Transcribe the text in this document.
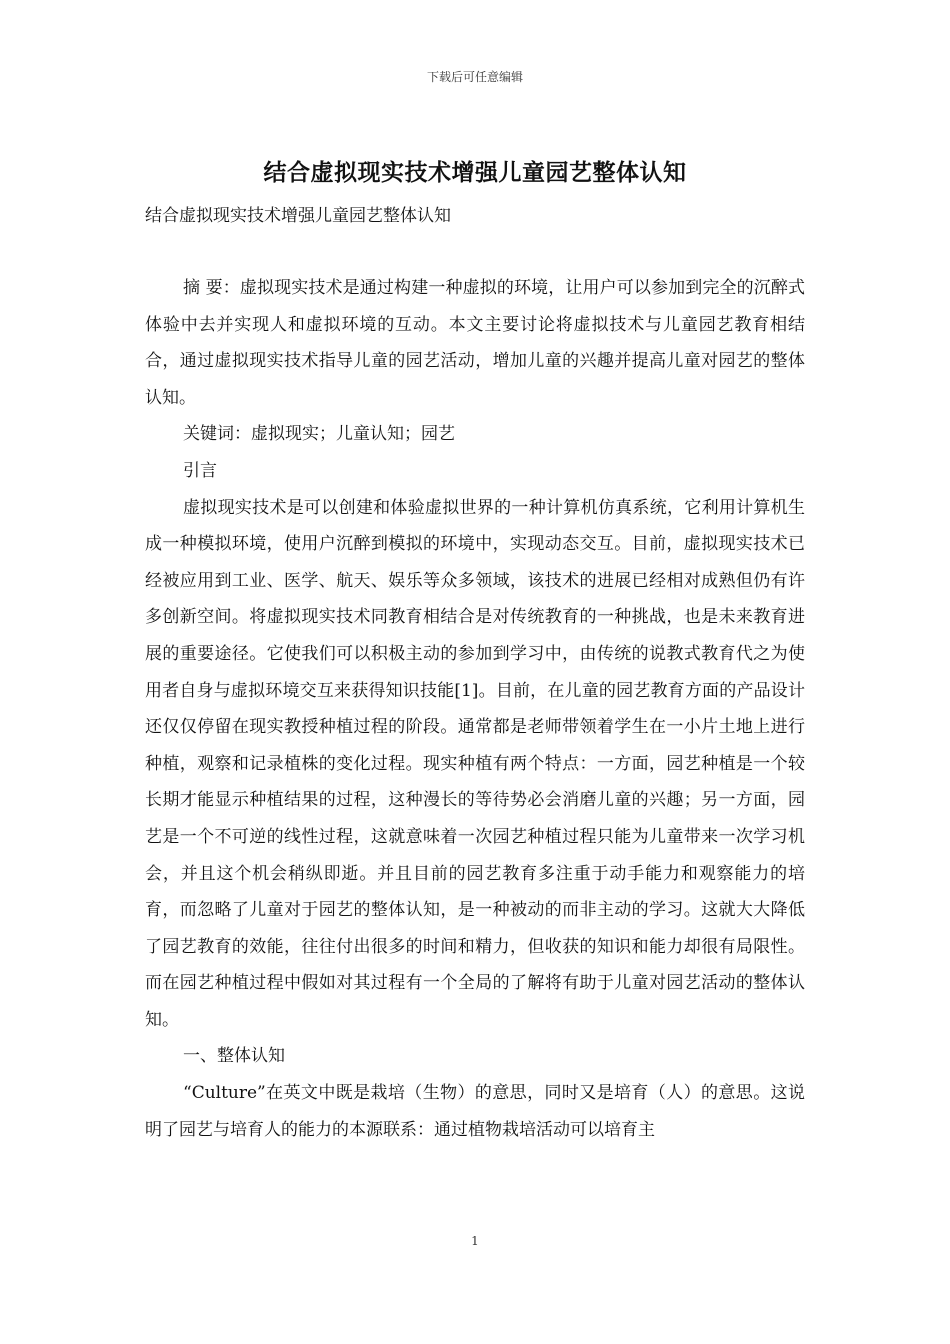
下载后可任意编辑
结合虚拟现实技术增强儿童园艺整体认知
结合虚拟现实技术增强儿童园艺整体认知

摘 要：虚拟现实技术是通过构建一种虚拟的环境，让用户可以参加到完全的沉醉式体验中去并实现人和虚拟环境的互动。本文主要讨论将虚拟技术与儿童园艺教育相结合，通过虚拟现实技术指导儿童的园艺活动，增加儿童的兴趣并提高儿童对园艺的整体认知。

关键词：虚拟现实；儿童认知；园艺

引言

虚拟现实技术是可以创建和体验虚拟世界的一种计算机仿真系统，它利用计算机生成一种模拟环境，使用户沉醉到模拟的环境中，实现动态交互。目前，虚拟现实技术已经被应用到工业、医学、航天、娱乐等众多领域，该技术的进展已经相对成熟但仍有许多创新空间。将虚拟现实技术同教育相结合是对传统教育的一种挑战，也是未来教育进展的重要途径。它使我们可以积极主动的参加到学习中，由传统的说教式教育代之为使用者自身与虚拟环境交互来获得知识技能[1]。目前，在儿童的园艺教育方面的产品设计还仅仅停留在现实教授种植过程的阶段。通常都是老师带领着学生在一小片土地上进行种植，观察和记录植株的变化过程。现实种植有两个特点：一方面，园艺种植是一个较长期才能显示种植结果的过程，这种漫长的等待势必会消磨儿童的兴趣；另一方面，园艺是一个不可逆的线性过程，这就意味着一次园艺种植过程只能为儿童带来一次学习机会，并且这个机会稍纵即逝。并且目前的园艺教育多注重于动手能力和观察能力的培育，而忽略了儿童对于园艺的整体认知，是一种被动的而非主动的学习。这就大大降低了园艺教育的效能，往往付出很多的时间和精力，但收获的知识和能力却很有局限性。而在园艺种植过程中假如对其过程有一个全局的了解将有助于儿童对园艺活动的整体认知。

一、整体认知

“Culture”在英文中既是栽培（生物）的意思，同时又是培育（人）的意思。这说明了园艺与培育人的能力的本源联系：通过植物栽培活动可以培育主

1
